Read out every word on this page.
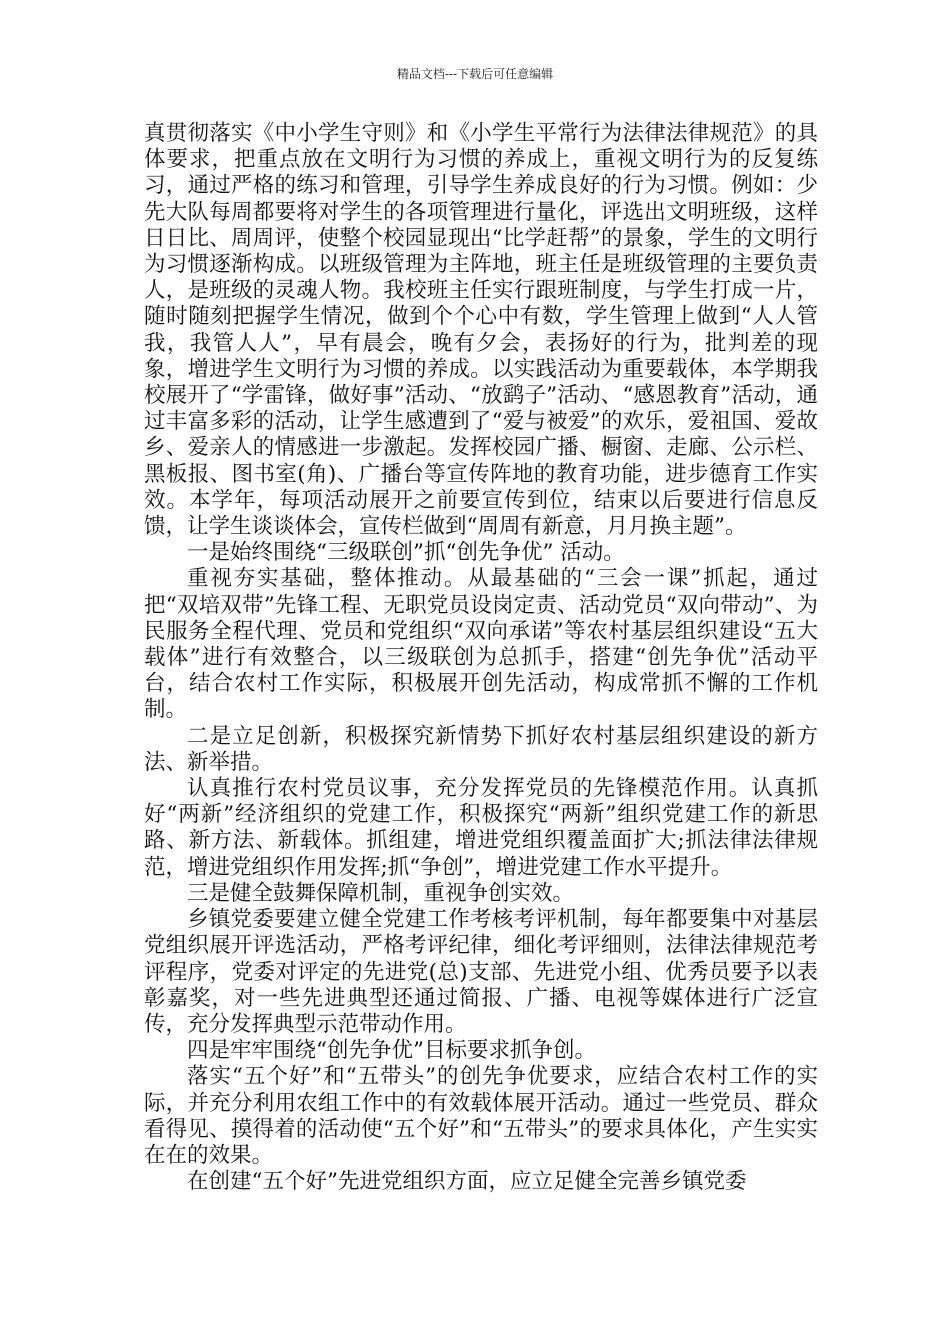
精品文档---下载后可任意编辑

真贯彻落实《中小学生守则》和《小学生平常行为法律法律规范》的具体要求，把重点放在文明行为习惯的养成上，重视文明行为的反复练习，通过严格的练习和管理，引导学生养成良好的行为习惯。例如：少先大队每周都要将对学生的各项管理进行量化，评选出文明班级，这样日日比、周周评，使整个校园显现出“比学赶帮”的景象，学生的文明行为习惯逐渐构成。以班级管理为主阵地，班主任是班级管理的主要负责人，是班级的灵魂人物。我校班主任实行跟班制度，与学生打成一片，随时随刻把握学生情况，做到个个心中有数，学生管理上做到“人人管我，我管人人”，早有晨会，晚有夕会，表扬好的行为，批判差的现象，增进学生文明行为习惯的养成。以实践活动为重要载体，本学期我校展开了“学雷锋，做好事”活动、“放鹞子”活动、“感恩教育”活动，通过丰富多彩的活动，让学生感遭到了“爱与被爱”的欢乐，爱祖国、爱故乡、爱亲人的情感进一步激起。发挥校园广播、橱窗、走廊、公示栏、黑板报、图书室(角)、广播台等宣传阵地的教育功能，进步德育工作实效。本学年，每项活动展开之前要宣传到位，结束以后要进行信息反馈，让学生谈谈体会，宣传栏做到“周周有新意，月月换主题”。

一是始终围绕“三级联创”抓“创先争优” 活动。

重视夯实基础，整体推动。从最基础的“三会一课”抓起，通过把“双培双带”先锋工程、无职党员设岗定责、活动党员“双向带动”、为民服务全程代理、党员和党组织“双向承诺”等农村基层组织建设“五大载体”进行有效整合，以三级联创为总抓手，搭建“创先争优”活动平台，结合农村工作实际，积极展开创先活动，构成常抓不懈的工作机制。

二是立足创新，积极探究新情势下抓好农村基层组织建设的新方法、新举措。

认真推行农村党员议事，充分发挥党员的先锋模范作用。认真抓好“两新”经济组织的党建工作，积极探究“两新”组织党建工作的新思路、新方法、新载体。抓组建，增进党组织覆盖面扩大;抓法律法律规范，增进党组织作用发挥;抓“争创”，增进党建工作水平提升。

三是健全鼓舞保障机制，重视争创实效。

乡镇党委要建立健全党建工作考核考评机制，每年都要集中对基层党组织展开评选活动，严格考评纪律，细化考评细则，法律法律规范考评程序，党委对评定的先进党(总)支部、先进党小组、优秀员要予以表彰嘉奖，对一些先进典型还通过简报、广播、电视等媒体进行广泛宣传，充分发挥典型示范带动作用。

四是牢牢围绕“创先争优”目标要求抓争创。

落实“五个好”和“五带头”的创先争优要求，应结合农村工作的实际，并充分利用农组工作中的有效载体展开活动。通过一些党员、群众看得见、摸得着的活动使“五个好”和“五带头”的要求具体化，产生实实在在的效果。

在创建“五个好”先进党组织方面，应立足健全完善乡镇党委
